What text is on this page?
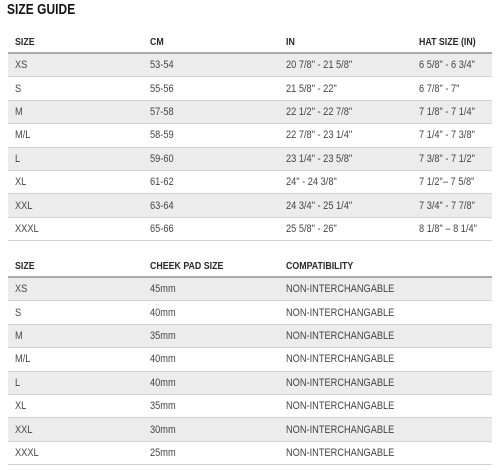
SIZE GUIDE
SIZE	CM	IN	HAT SIZE (IN)
XS	53-54	20 7/8" - 21 5/8"	6 5/8" - 6 3/4"
S	55-56	21 5/8" - 22"	6 7/8" - 7"
M	57-58	22 1/2" - 22 7/8"	7 1/8" - 7 1/4"
M/L	58-59	22 7/8" - 23 1/4"	7 1/4" - 7 3/8"
L	59-60	23 1/4" - 23 5/8"	7 3/8" - 7 1/2"
XL	61-62	24" - 24 3/8"	7 1/2"– 7 5/8"
XXL	63-64	24 3/4" - 25 1/4"	7 3/4" - 7 7/8"
XXXL	65-66	25 5/8" - 26"	8 1/8" – 8 1/4"
SIZE	CHEEK PAD SIZE	COMPATIBILITY
XS	45mm	NON-INTERCHANGABLE
S	40mm	NON-INTERCHANGABLE
M	35mm	NON-INTERCHANGABLE
M/L	40mm	NON-INTERCHANGABLE
L	40mm	NON-INTERCHANGABLE
XL	35mm	NON-INTERCHANGABLE
XXL	30mm	NON-INTERCHANGABLE
XXXL	25mm	NON-INTERCHANGABLE
